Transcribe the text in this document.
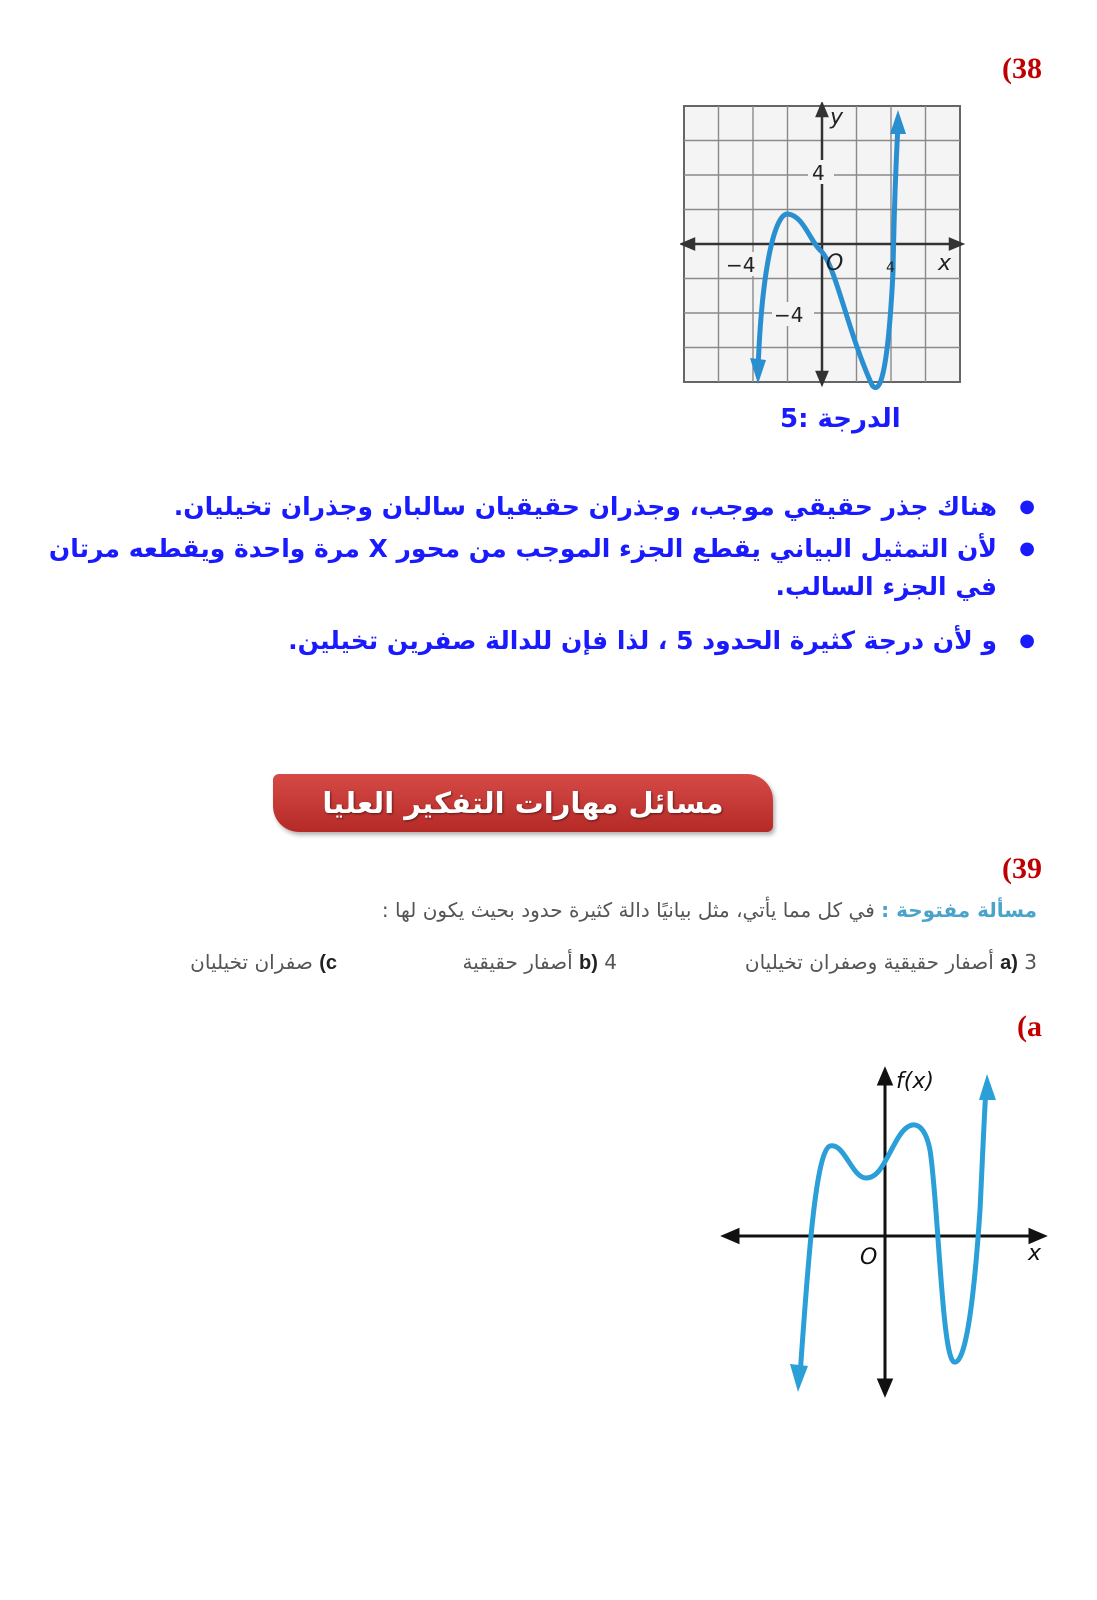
(38
y
x
O
4
−4
−4
4
الدرجة :5
● هناك جذر حقيقي موجب، وجذران حقيقيان سالبان وجذران تخيليان.
● لأن التمثيل البياني يقطع الجزء الموجب من محور X مرة واحدة ويقطعه مرتان في الجزء السالب.
● و لأن درجة كثيرة الحدود 5 ، لذا فإن للدالة صفرين تخيلين.
مسائل مهارات التفكير العليا
(39
مسألة مفتوحة : في كل مما يأتي، مثل بيانيًا دالة كثيرة حدود بحيث يكون لها :
a) 3 أصفار حقيقية وصفران تخيليان
b) 4 أصفار حقيقية
c) صفران تخيليان
(a
f(x)
x
O
